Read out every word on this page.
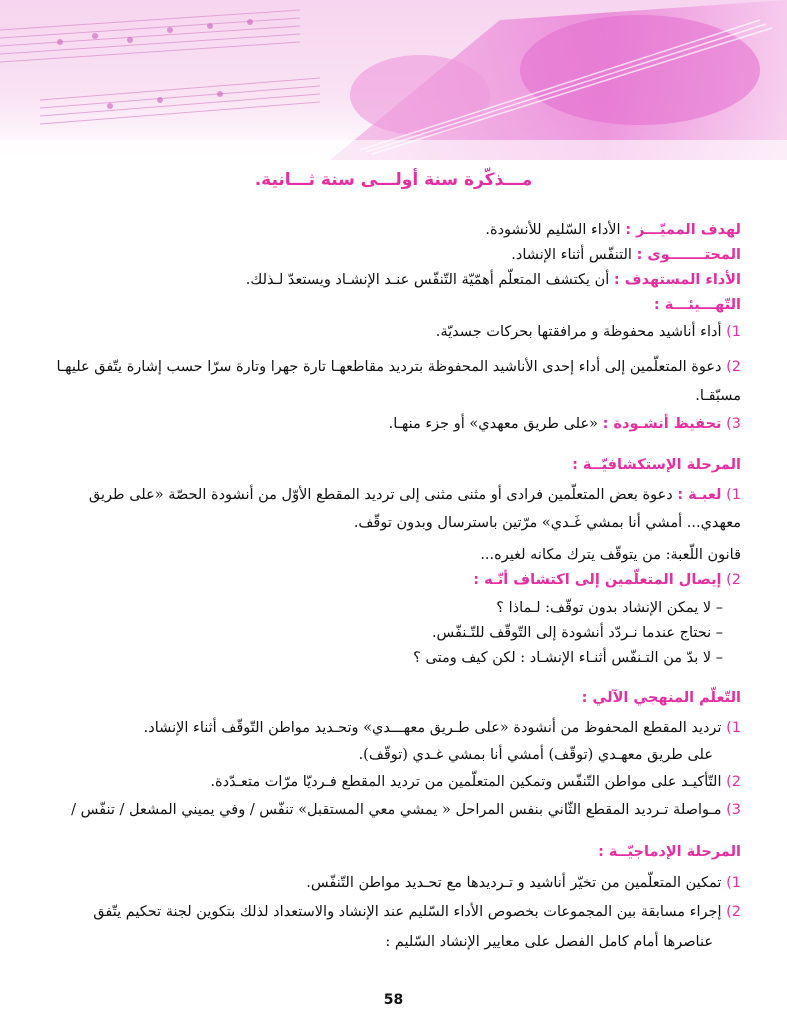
مـــذكّرة سنة أولـــى سنة ثـــانية.
لهدف المميّـــز : الأداء السّليم للأنشودة.
المحتـــــــوى : التنفّس أثناء الإنشاد.
الأداء المستهدف : أن يكتشف المتعلّم أهمّيّة التّنفّس عنـد الإنشـاد ويستعدّ لـذلك.
التّهـــيئـــة :
1) أداء أناشيد محفوظة و مرافقتها بحركات جسديّة.
2) دعوة المتعلّمين إلى أداء إحدى الأناشيد المحفوظة بترديد مقاطعهـا تارة جهرا وتارة سرّا حسب إشارة يتّفق عليهـا
مسبّقـا.
3) تحفيظ أنشـودة : «على طريق معهدي» أو جزء منهـا.
المرحلة الإستكشافيّــة :
1) لعبـة : دعوة بعض المتعلّمين فرادى أو مثنى مثنى إلى ترديد المقطع الأوّل من أنشودة الحصّة «على طريق
معهدي... أمشي أنا بمشي غَـدي» مرّتين باسترسال وبدون توقّف.
قانون اللّعبة: من يتوقّف يترك مكانه لغيره...
2) إيصال المتعلّمين إلى اكتشاف أنّـه :
– لا يمكن الإنشاد بدون توقّف: لـماذا ؟
– نحتاج عندما نـردّد أنشودة إلى التّوقّف للتّـنفّس.
– لا بدّ من التـنفّس أثنـاء الإنشـاد : لكن كيف ومتى ؟
التّعلّم المنهجي الآلي :
1) ترديد المقطع المحفوظ من أنشودة «على طـريق معهـــدي» وتحـديد مواطن التّوقّف أثناء الإنشاد.
على طريق معهـدي (توقّف) أمشي أنا بمشي غـدي (توقّف).
2) التّأكيـد على مواطن التّنفّس وتمكين المتعلّمين من ترديد المقطع فـرديّا مرّات متعـدّدة.
3) مـواصلة تـرديد المقطع الثّاني بنفس المراحل « يمشي معي المستقبل» تنفّس / وفي يميني المشعل / تنفّس /
المرحلة الإدماجيّــة :
1) تمكين المتعلّمين من تخيّر أناشيد و تـرديدها مع تحـديد مواطن التّنفّس.
2) إجراء مسابقة بين المجموعات بخصوص الأداء السّليم عند الإنشاد والاستعداد لذلك بتكوين لجنة تحكيم يتّفق
عناصرها أمام كامل الفصل على معايير الإنشاد السّليم :
58
